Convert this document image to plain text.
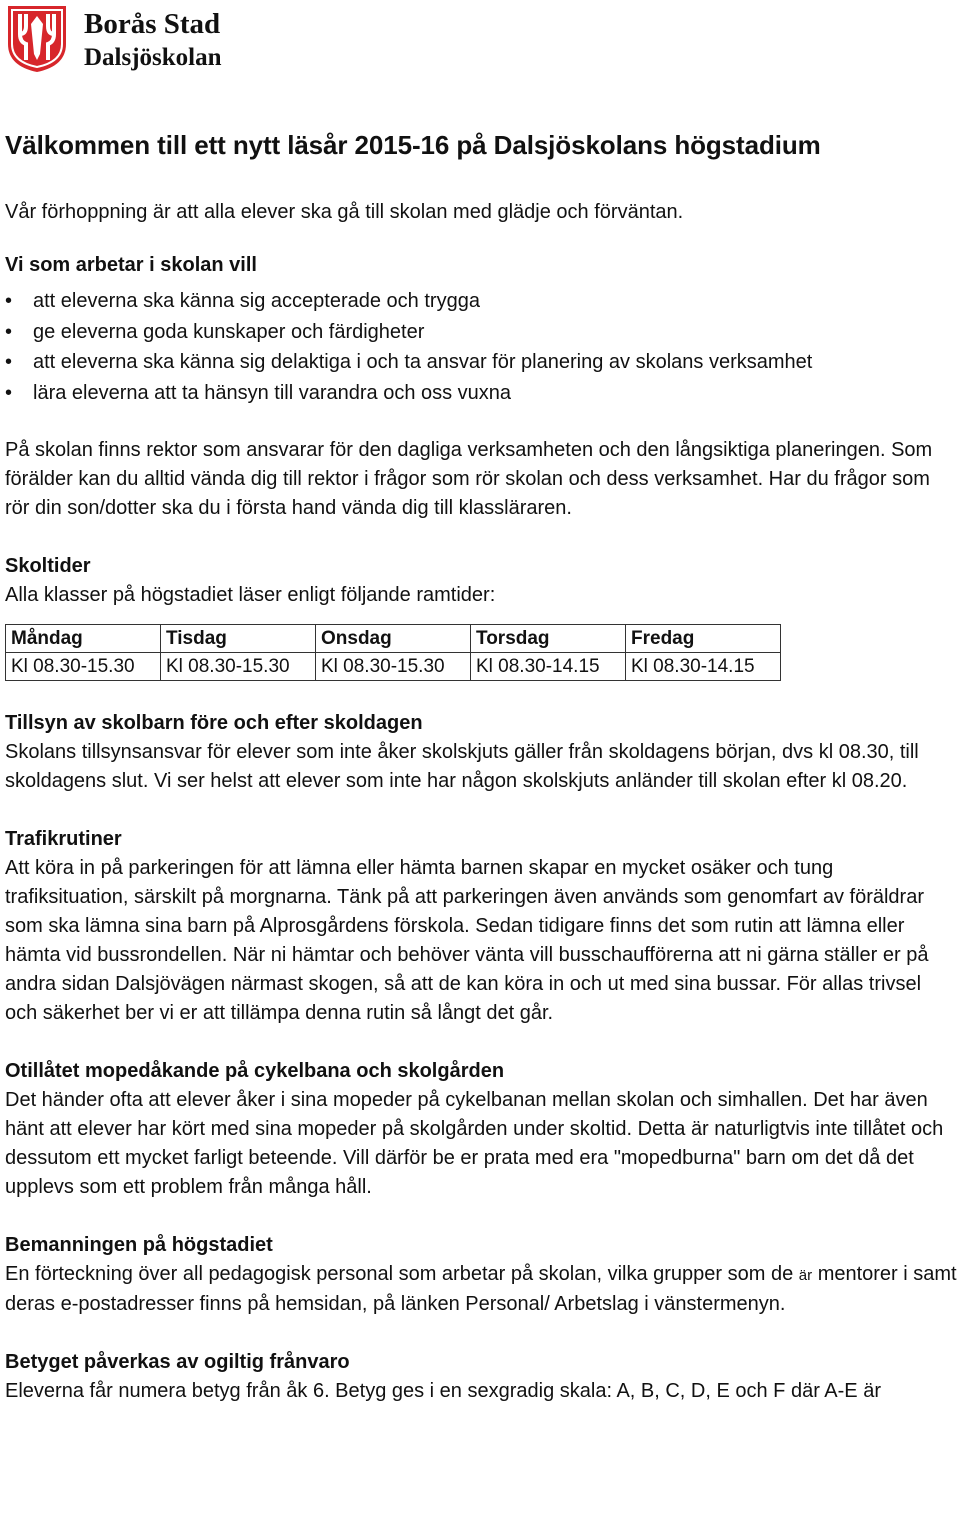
Borås Stad
Dalsjöskolan
Välkommen till ett nytt läsår 2015-16 på Dalsjöskolans högstadium

Vår förhoppning är att alla elever ska gå till skolan med glädje och förväntan.

Vi som arbetar i skolan vill

• att eleverna ska känna sig accepterade och trygga
• ge eleverna goda kunskaper och färdigheter
• att eleverna ska känna sig delaktiga i och ta ansvar för planering av skolans verksamhet
• lära eleverna att ta hänsyn till varandra och oss vuxna

På skolan finns rektor som ansvarar för den dagliga verksamheten och den långsiktiga planeringen. Som förälder kan du alltid vända dig till rektor i frågor som rör skolan och dess verksamhet. Har du frågor som rör din son/dotter ska du i första hand vända dig till klassläraren.

Skoltider
Alla klasser på högstadiet läser enligt följande ramtider:
Måndag	Tisdag	Onsdag	Torsdag	Fredag
Kl 08.30-15.30	Kl 08.30-15.30	Kl 08.30-15.30	Kl 08.30-14.15	Kl 08.30-14.15
Tillsyn av skolbarn före och efter skoldagen
Skolans tillsynsansvar för elever som inte åker skolskjuts gäller från skoldagens början, dvs kl 08.30, till skoldagens slut. Vi ser helst att elever som inte har någon skolskjuts anländer till skolan efter kl 08.20.
Trafikrutiner
Att köra in på parkeringen för att lämna eller hämta barnen skapar en mycket osäker och tung trafiksituation, särskilt på morgnarna. Tänk på att parkeringen även används som genomfart av föräldrar som ska lämna sina barn på Alprosgårdens förskola. Sedan tidigare finns det som rutin att lämna eller hämta vid bussrondellen. När ni hämtar och behöver vänta vill busschaufförerna att ni gärna ställer er på andra sidan Dalsjövägen närmast skogen, så att de kan köra in och ut med sina bussar. För allas trivsel och säkerhet ber vi er att tillämpa denna rutin så långt det går.
Otillåtet mopedåkande på cykelbana och skolgården
Det händer ofta att elever åker i sina mopeder på cykelbanan mellan skolan och simhallen. Det har även hänt att elever har kört med sina mopeder på skolgården under skoltid. Detta är naturligtvis inte tillåtet och dessutom ett mycket farligt beteende. Vill därför be er prata med era "mopedburna" barn om det då det upplevs som ett problem från många håll.
Bemanningen på högstadiet
En förteckning över all pedagogisk personal som arbetar på skolan, vilka grupper som de är mentorer i samt deras e-postadresser finns på hemsidan, på länken Personal/ Arbetslag i vänstermenyn.
Betyget påverkas av ogiltig frånvaro
Eleverna får numera betyg från åk 6. Betyg ges i en sexgradig skala: A, B, C, D, E och F där A-E är
